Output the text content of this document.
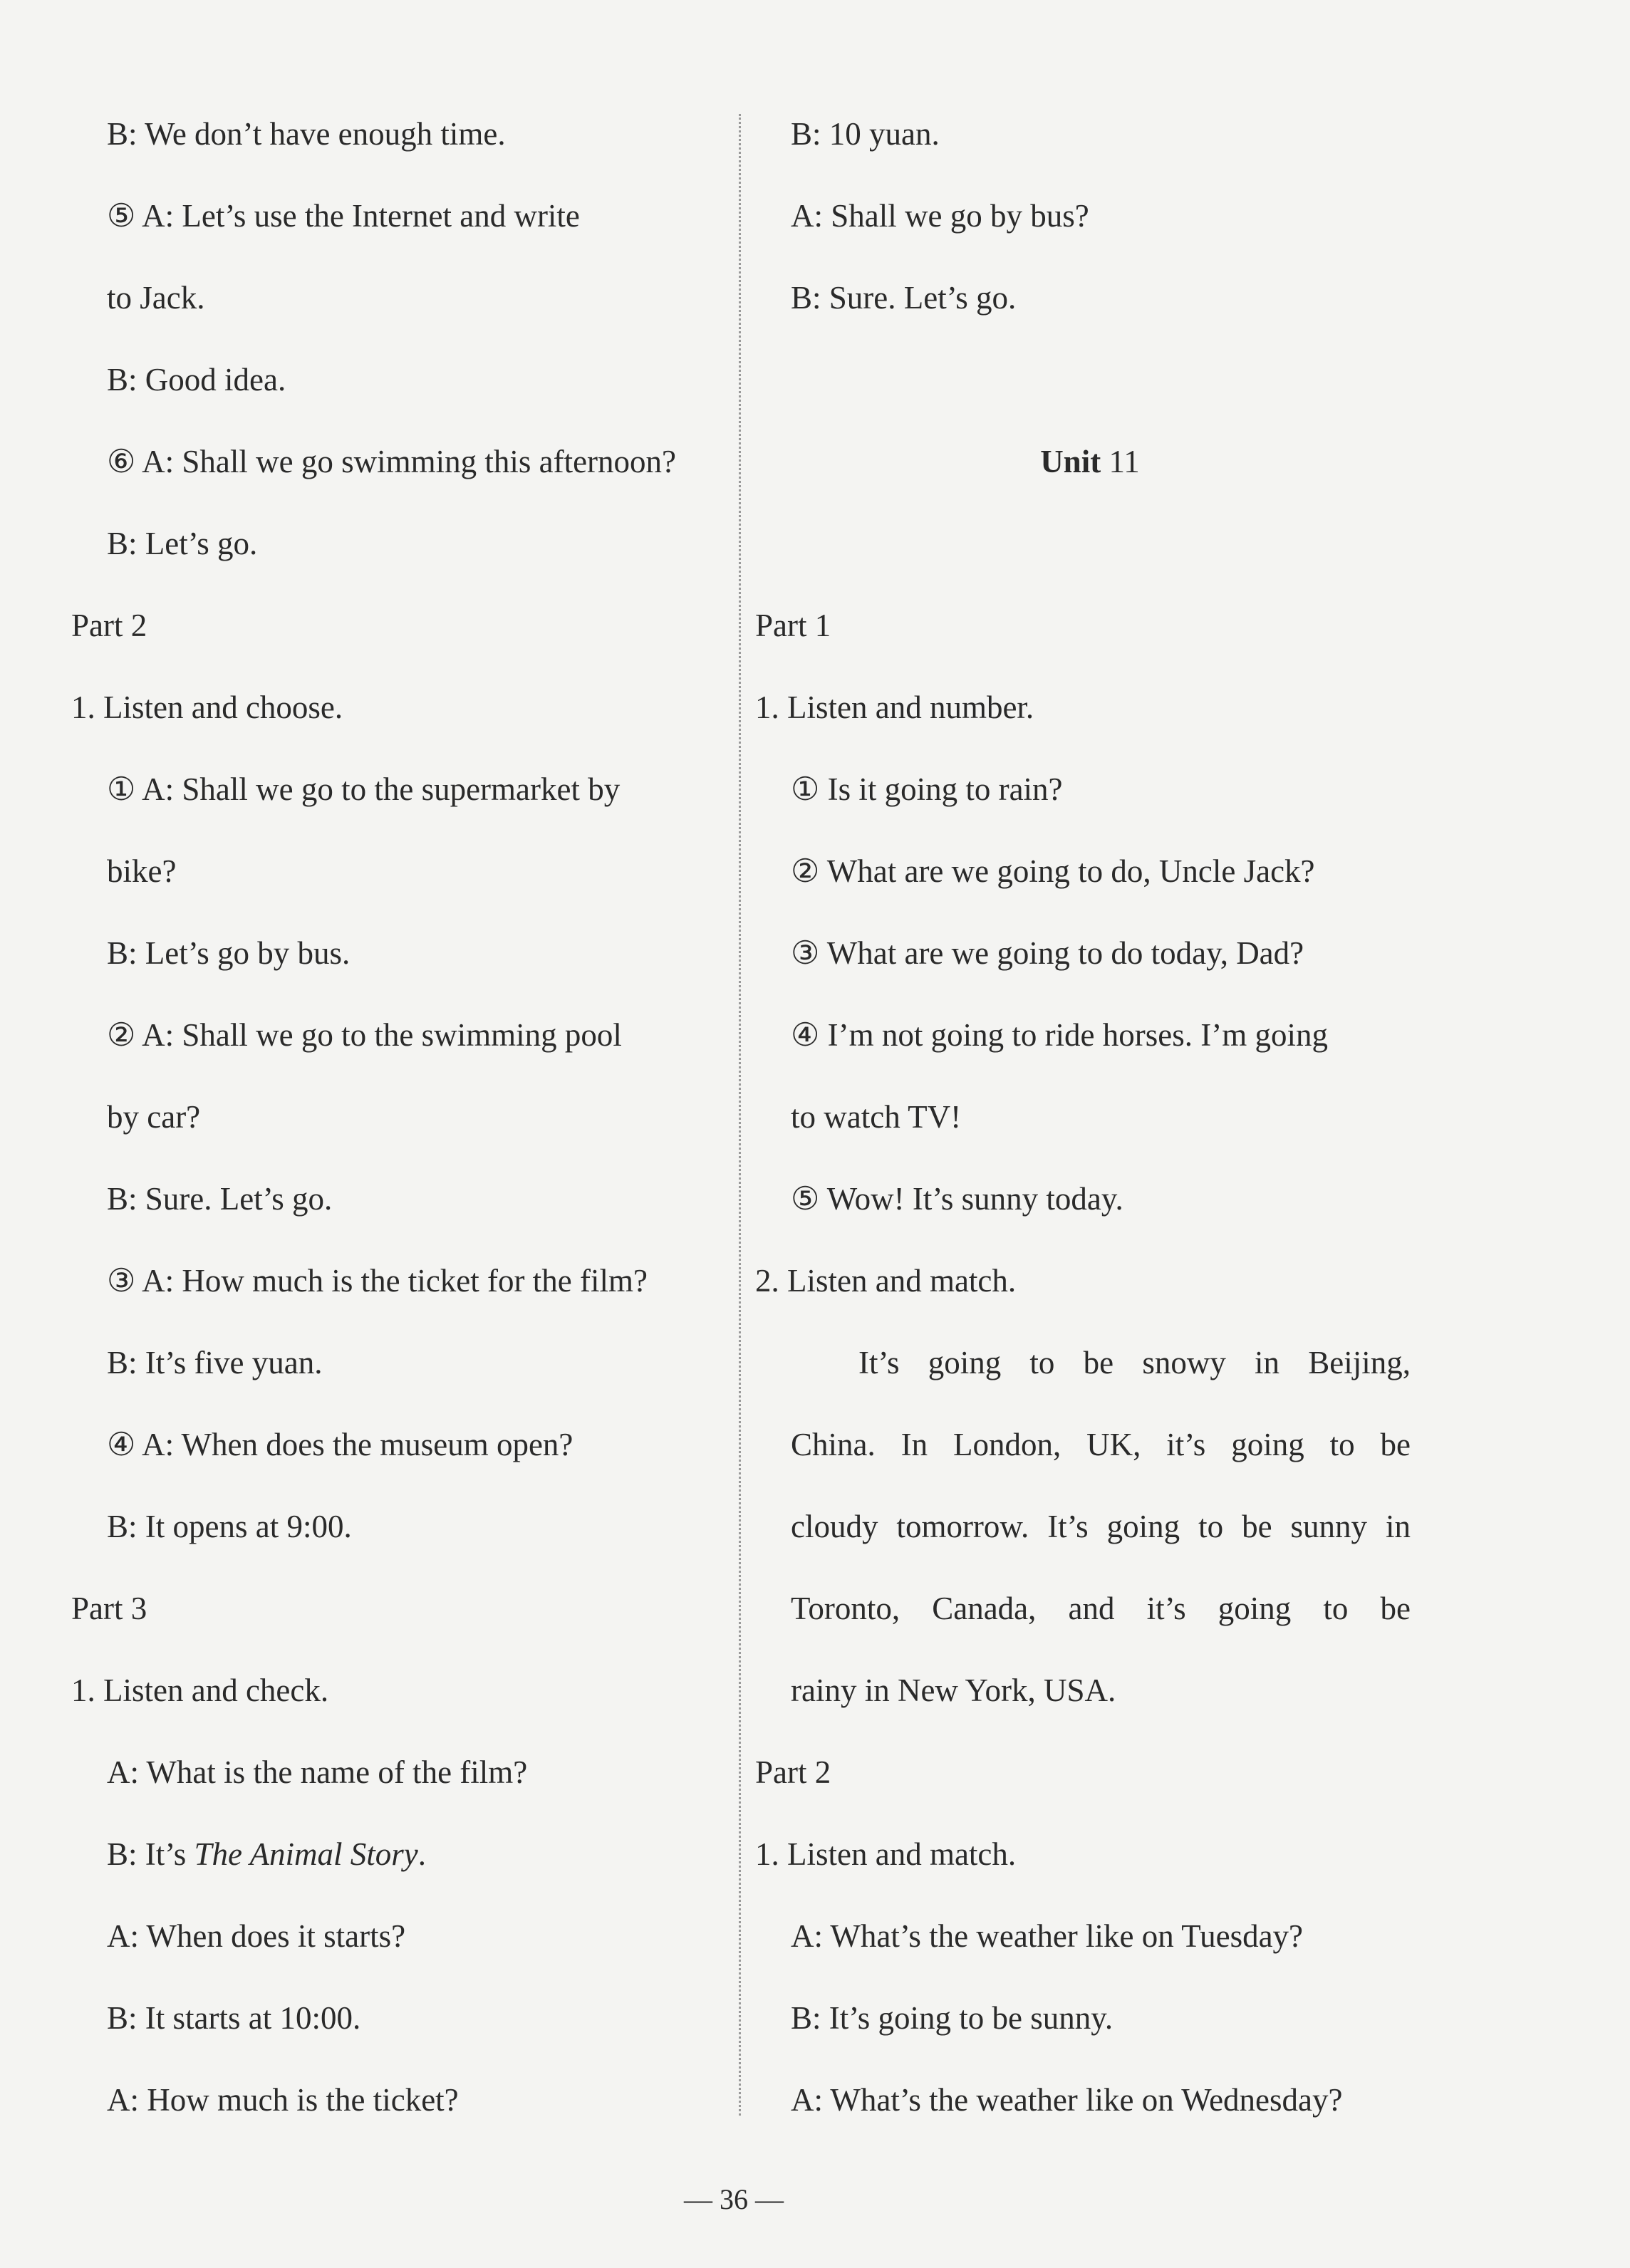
B: We don’t have enough time.
⑤ A: Let’s use the Internet and write
to Jack.
B: Good idea.
⑥ A: Shall we go swimming this afternoon?
B: Let’s go.
Part 2
1. Listen and choose.
① A: Shall we go to the supermarket by
bike?
B: Let’s go by bus.
② A: Shall we go to the swimming pool
by car?
B: Sure. Let’s go.
③ A: How much is the ticket for the film?
B: It’s five yuan.
④ A: When does the museum open?
B: It opens at 9:00.
Part 3
1. Listen and check.
A: What is the name of the film?
B: It’s The Animal Story.
A: When does it starts?
B: It starts at 10:00.
A: How much is the ticket?
B: 10 yuan.
A: Shall we go by bus?
B: Sure. Let’s go.
Unit 11
Part 1
1. Listen and number.
① Is it going to rain?
② What are we going to do, Uncle Jack?
③ What are we going to do today, Dad?
④ I’m not going to ride horses. I’m going
to watch TV!
⑤ Wow! It’s sunny today.
2. Listen and match.
It’s going to be snowy in Beijing,
China. In London, UK, it’s going to be
cloudy tomorrow. It’s going to be sunny in
Toronto, Canada, and it’s going to be
rainy in New York, USA.
Part 2
1. Listen and match.
A: What’s the weather like on Tuesday?
B: It’s going to be sunny.
A: What’s the weather like on Wednesday?
— 36 —
